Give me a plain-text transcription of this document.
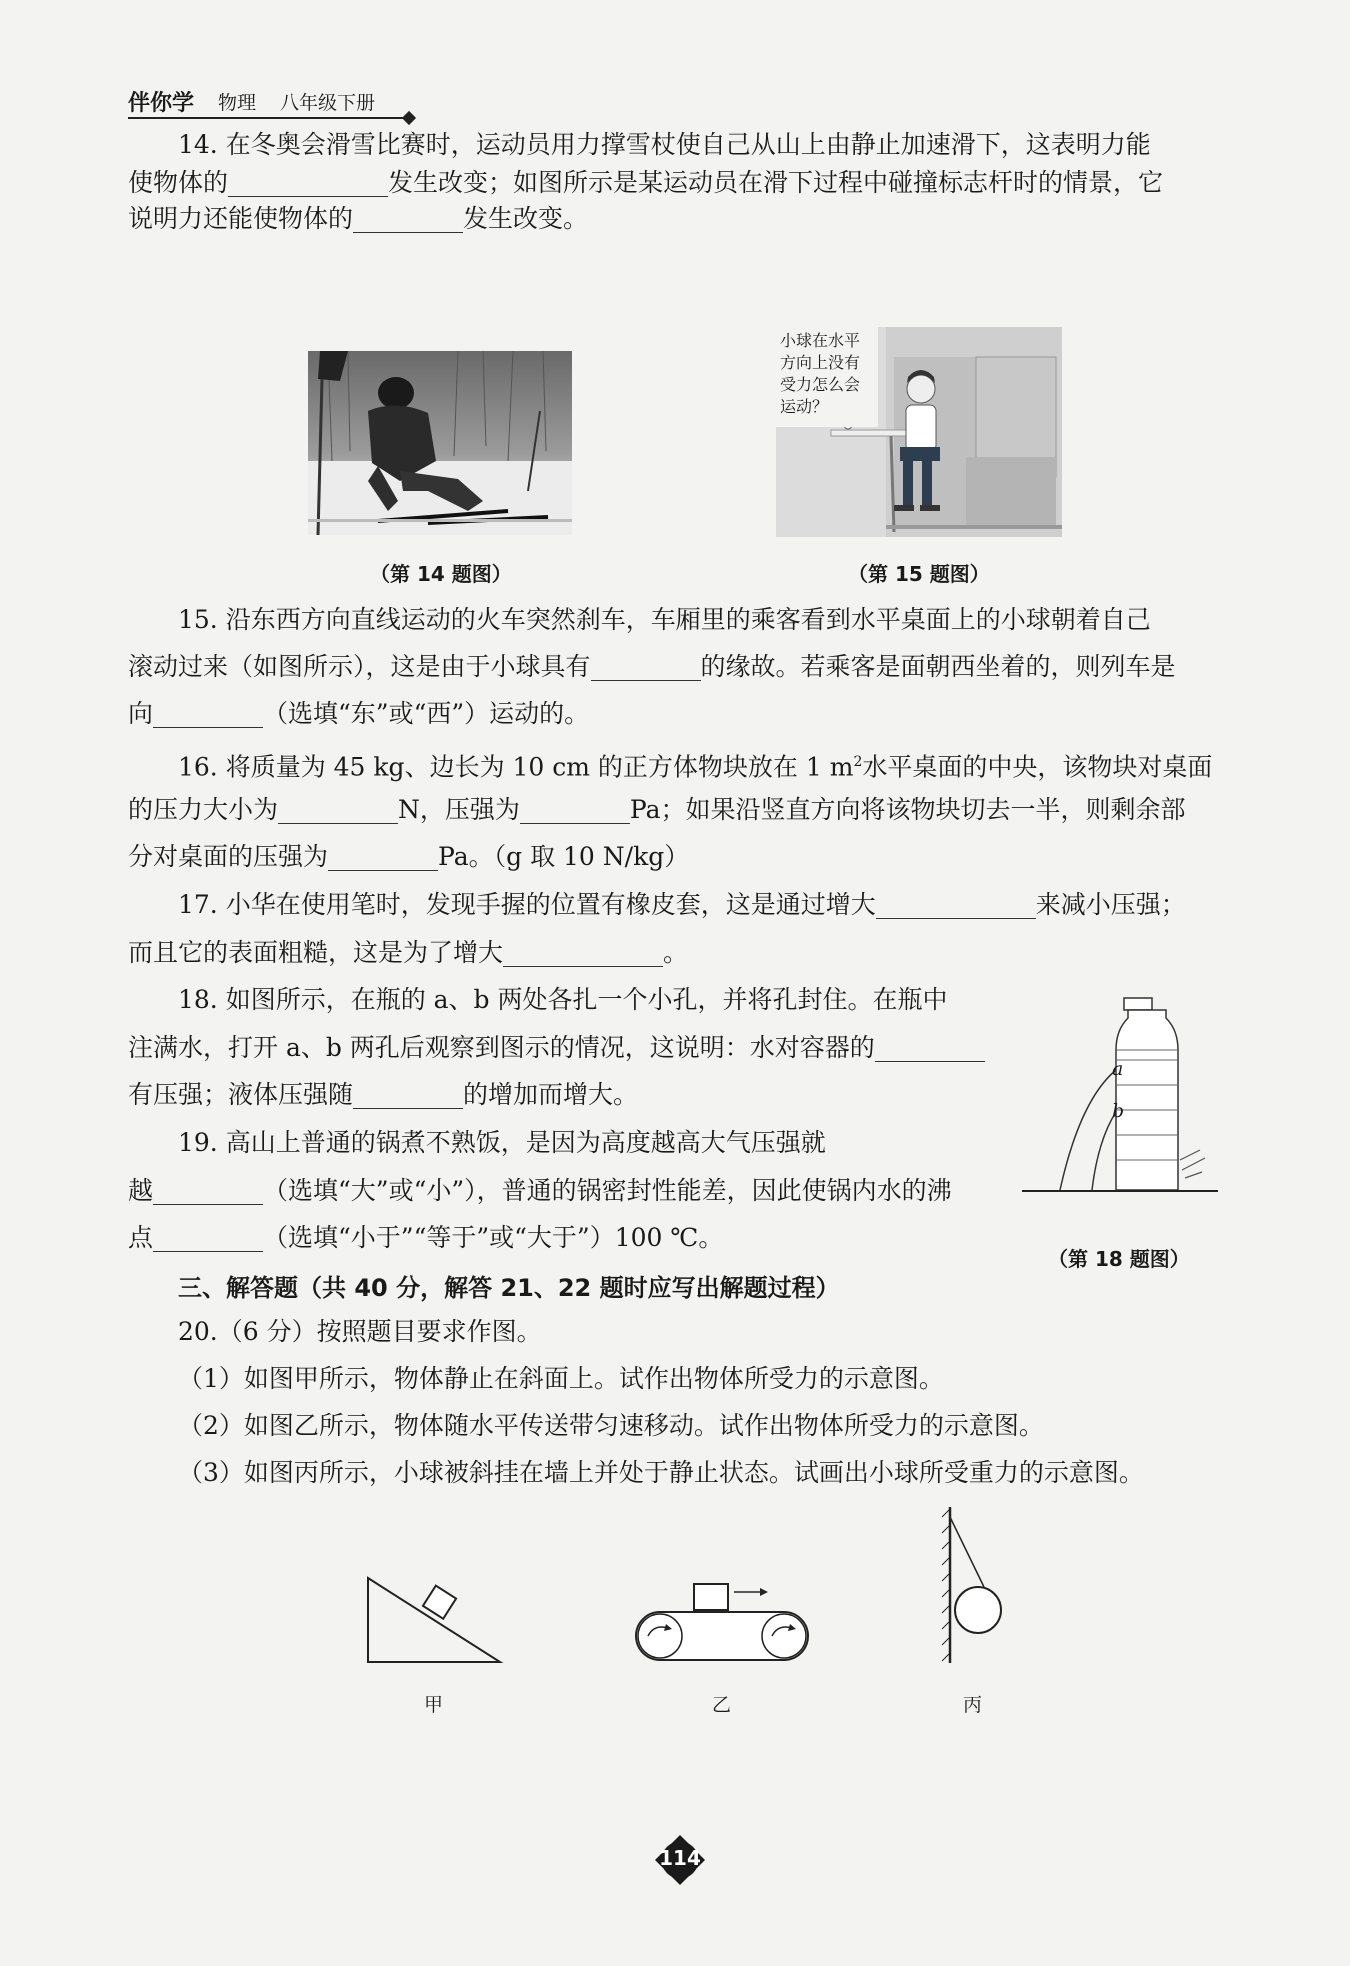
伴你学 物理 八年级下册
14. 在冬奥会滑雪比赛时，运动员用力撑雪杖使自己从山上由静止加速滑下，这表明力能
使物体的	发生改变；如图所示是某运动员在滑下过程中碰撞标志杆时的情景，它
说明力还能使物体的	发生改变。
（第 14 题图）
小球在水平
方向上没有
受力怎么会
运动？
（第 15 题图）
15. 沿东西方向直线运动的火车突然刹车，车厢里的乘客看到水平桌面上的小球朝着自己
滚动过来（如图所示），这是由于小球具有	的缘故。若乘客是面朝西坐着的，则列车是
向	（选填“东”或“西”）运动的。
16. 将质量为 45 kg、边长为 10 cm 的正方体物块放在 1 $m^2$水平桌面的中央，该物块对桌面
的压力大小为	N，压强为	Pa；如果沿竖直方向将该物块切去一半，则剩余部
分对桌面的压强为	Pa。（g 取 10 N/kg）
17. 小华在使用笔时，发现手握的位置有橡皮套，这是通过增大	来减小压强；
而且它的表面粗糙，这是为了增大	。
18. 如图所示，在瓶的 a、b 两处各扎一个小孔，并将孔封住。在瓶中
注满水，打开 a、b 两孔后观察到图示的情况，这说明：水对容器的
有压强；液体压强随	的增加而增大。
a
b
（第 18 题图）
19. 高山上普通的锅煮不熟饭，是因为高度越高大气压强就
越	（选填“大”或“小”），普通的锅密封性能差，因此使锅内水的沸
点	（选填“小于”“等于”或“大于”）100 ℃。
三、解答题（共 40 分，解答 21、22 题时应写出解题过程）
20.（6 分）按照题目要求作图。
（1）如图甲所示，物体静止在斜面上。试作出物体所受力的示意图。
（2）如图乙所示，物体随水平传送带匀速移动。试作出物体所受力的示意图。
（3）如图丙所示，小球被斜挂在墙上并处于静止状态。试画出小球所受重力的示意图。
甲	乙	丙
114
